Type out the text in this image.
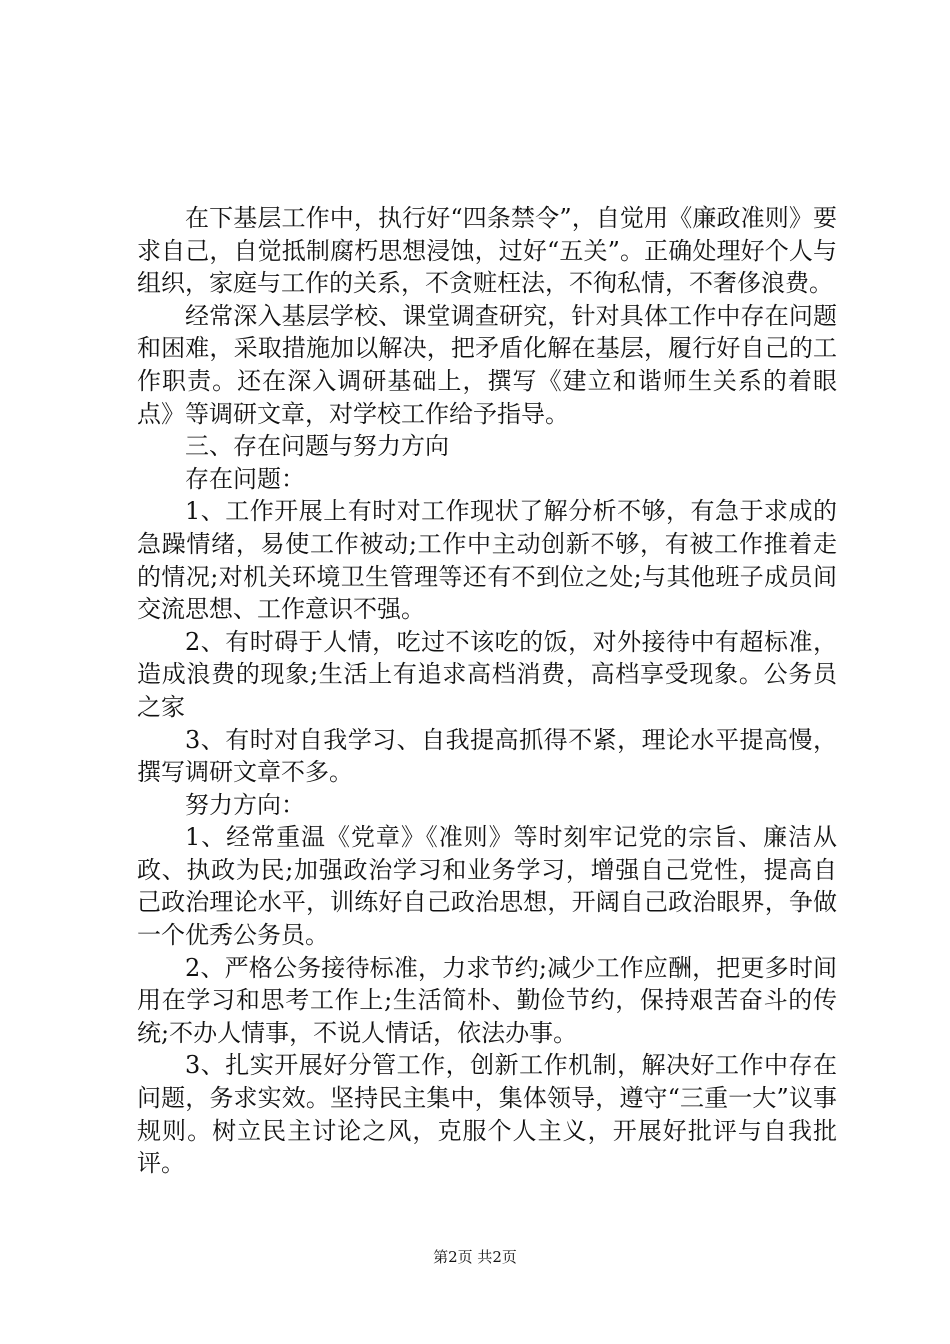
在下基层工作中，执行好“四条禁令”，自觉用《廉政准则》要求自己，自觉抵制腐朽思想浸蚀，过好“五关”。正确处理好个人与组织，家庭与工作的关系，不贪赃枉法，不徇私情，不奢侈浪费。

经常深入基层学校、课堂调查研究，针对具体工作中存在问题和困难，采取措施加以解决，把矛盾化解在基层，履行好自己的工作职责。还在深入调研基础上，撰写《建立和谐师生关系的着眼点》等调研文章，对学校工作给予指导。

三、存在问题与努力方向

存在问题：

1、工作开展上有时对工作现状了解分析不够，有急于求成的急躁情绪，易使工作被动;工作中主动创新不够，有被工作推着走的情况;对机关环境卫生管理等还有不到位之处;与其他班子成员间交流思想、工作意识不强。

2、有时碍于人情，吃过不该吃的饭，对外接待中有超标准，造成浪费的现象;生活上有追求高档消费，高档享受现象。公务员之家

3、有时对自我学习、自我提高抓得不紧，理论水平提高慢，撰写调研文章不多。

努力方向：

1、经常重温《党章》《准则》等时刻牢记党的宗旨、廉洁从政、执政为民;加强政治学习和业务学习，增强自己党性，提高自己政治理论水平，训练好自己政治思想，开阔自己政治眼界，争做一个优秀公务员。

2、严格公务接待标准，力求节约;减少工作应酬，把更多时间用在学习和思考工作上;生活简朴、勤俭节约，保持艰苦奋斗的传统;不办人情事，不说人情话，依法办事。

3、扎实开展好分管工作，创新工作机制，解决好工作中存在问题，务求实效。坚持民主集中，集体领导，遵守“三重一大”议事规则。树立民主讨论之风，克服个人主义，开展好批评与自我批评。

第2页 共2页
